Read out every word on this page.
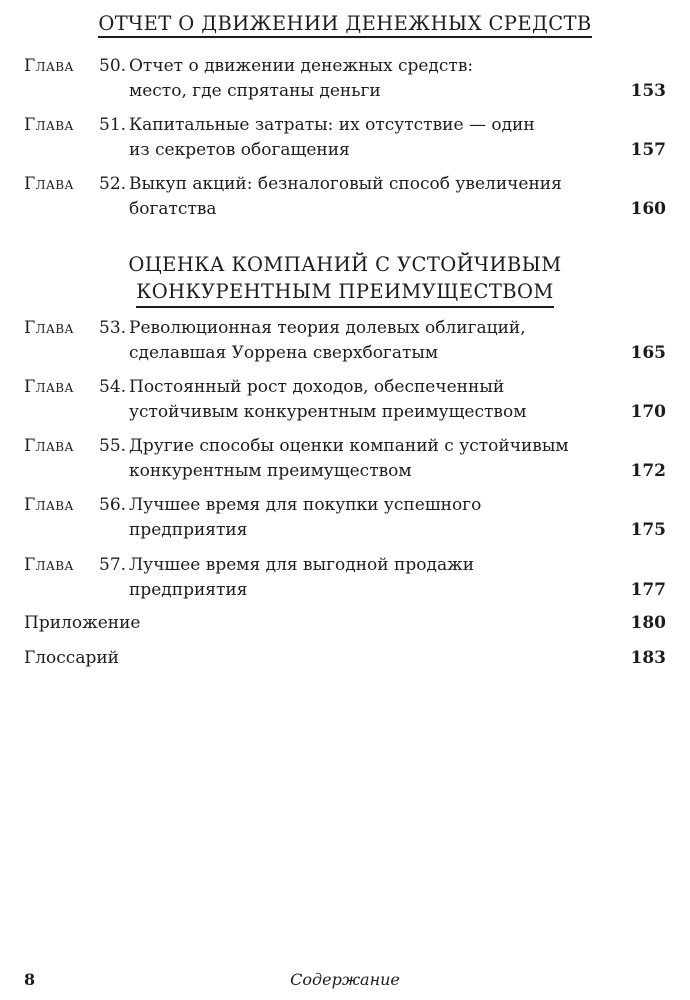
ОТЧЕТ О ДВИЖЕНИИ ДЕНЕЖНЫХ СРЕДСТВ
Глава 50. Отчет о движении денежных средств:
место, где спрятаны деньги	153
Глава 51. Капитальные затраты: их отсутствие — один
из секретов обогащения	157
Глава 52. Выкуп акций: безналоговый способ увеличения
богатства	160
ОЦЕНКА КОМПАНИЙ С УСТОЙЧИВЫМ
КОНКУРЕНТНЫМ ПРЕИМУЩЕСТВОМ
Глава 53. Революционная теория долевых облигаций,
сделавшая Уоррена сверхбогатым	165
Глава 54. Постоянный рост доходов, обеспеченный
устойчивым конкурентным преимуществом	170
Глава 55. Другие способы оценки компаний с устойчивым
конкурентным преимуществом	172
Глава 56. Лучшее время для покупки успешного
предприятия	175
Глава 57. Лучшее время для выгодной продажи
предприятия	177
Приложение	180
Глоссарий	183
Содержание
8
